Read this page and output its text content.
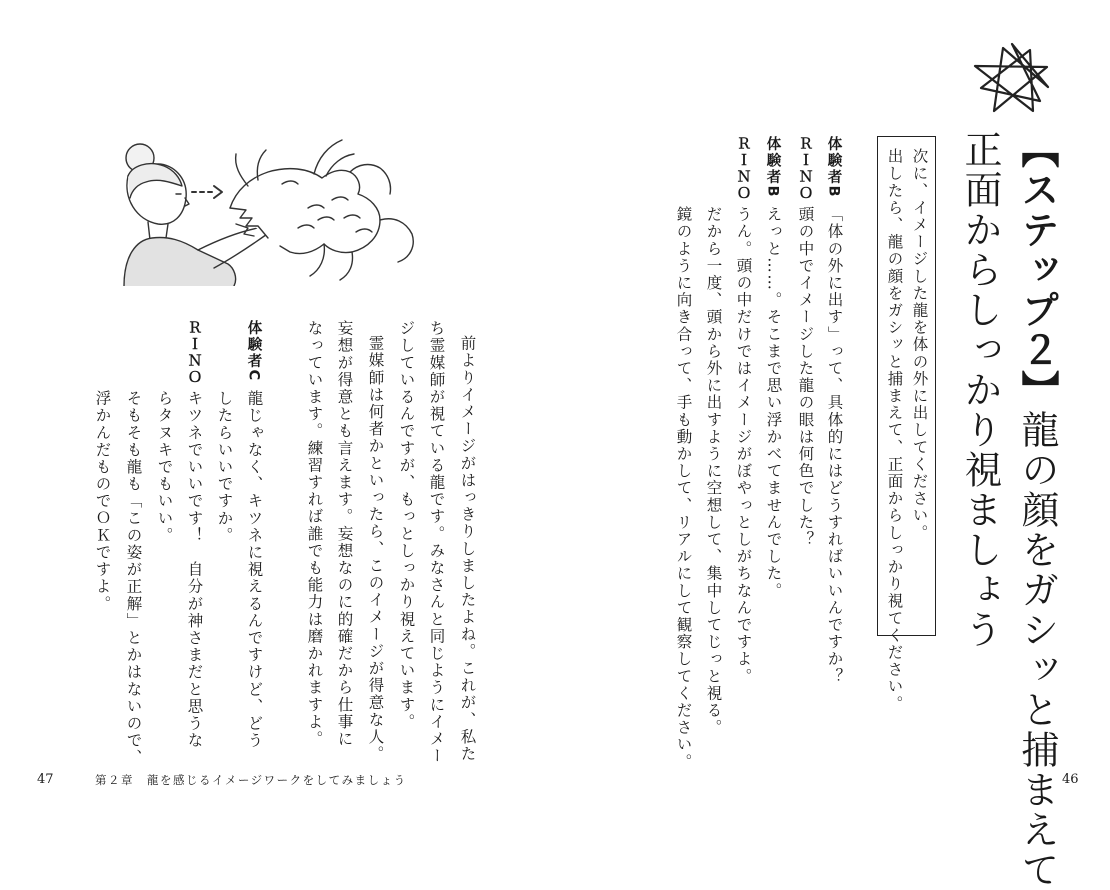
【ステップ２】龍の顔をガシッと捕まえて
正面からしっかり視ましょう
次に、イメージした龍を体の外に出してください。
出したら、龍の顔をガシッと捕まえて、正面からしっかり視てください。
体験者B
ＲＩＮＯ
体験者B
ＲＩＮＯ
「体の外に出す」って、具体的にはどうすればいいんですか？
頭の中でイメージした龍の眼は何色でした？
えっと……。そこまで思い浮かべてませんでした。
うん。頭の中だけではイメージがぼやっとしがちなんですよ。
だから一度、頭から外に出すように空想して、集中してじっと視る。
鏡のように向き合って、手も動かして、リアルにして観察してください。
前よりイメージがはっきりしましたよね。これが、私た
ち霊媒師が視ている龍です。みなさんと同じようにイメー
ジしているんですが、もっとしっかり視えています。
霊媒師は何者かといったら、このイメージが得意な人。
妄想が得意とも言えます。妄想なのに的確だから仕事に
なっています。練習すれば誰でも能力は磨かれますよ。
体験者C
ＲＩＮＯ
龍じゃなく、キツネに視えるんですけど、どう
したらいいですか。
キツネでいいです！　自分が神さまだと思うな
らタヌキでもいい。
そもそも龍も「この姿が正解」とかはないので、
浮かんだものでＯＫですよ。
47	第２章　龍を感じるイメージワークをしてみましょう	46
